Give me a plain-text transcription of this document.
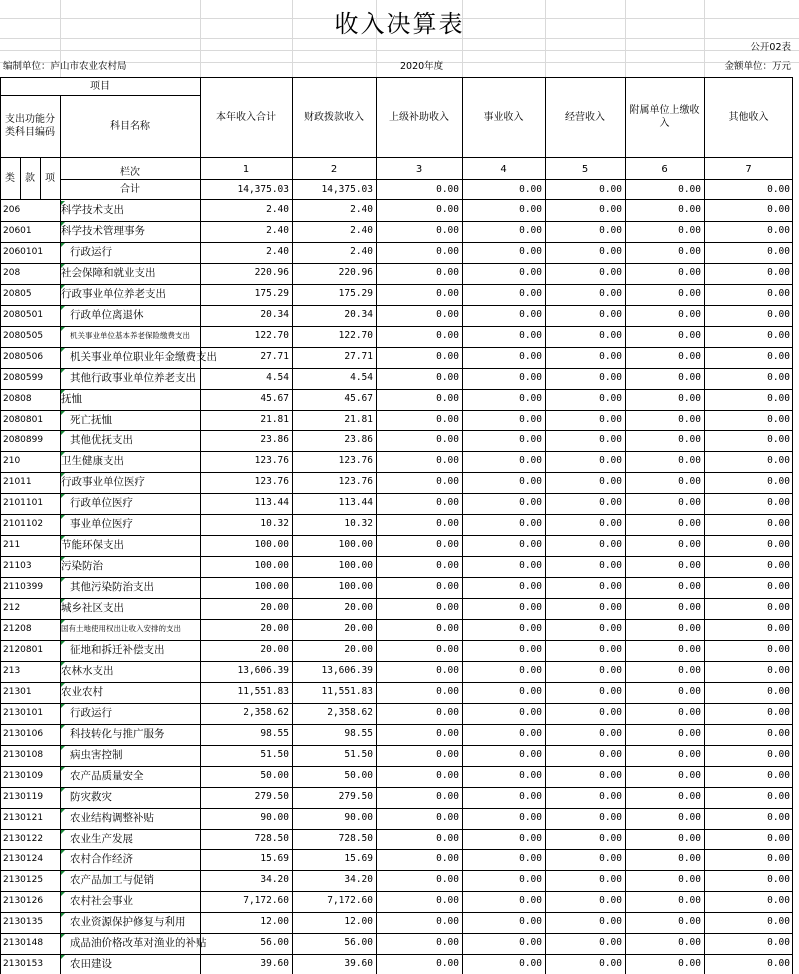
收入决算表
公开02表
编制单位：庐山市农业农村局	2020年度	金额单位：万元
项目
支出功能分类科目编码
科目名称
类	款	项
栏次
合计
本年收入合计	财政拨款收入	上级补助收入	事业收入	经营收入
附属单位上缴收入
其他收入
1	2	3	4	5	6	7
14,375.03	14,375.03	0.00	0.00	0.00	0.00	0.00
206	科学技术支出	2.40	2.40	0.00	0.00	0.00	0.00	0.00
20601	科学技术管理事务	2.40	2.40	0.00	0.00	0.00	0.00	0.00
2060101	行政运行	2.40	2.40	0.00	0.00	0.00	0.00	0.00
208	社会保障和就业支出	220.96	220.96	0.00	0.00	0.00	0.00	0.00
20805	行政事业单位养老支出	175.29	175.29	0.00	0.00	0.00	0.00	0.00
2080501	行政单位离退休	20.34	20.34	0.00	0.00	0.00	0.00	0.00
2080505	机关事业单位基本养老保险缴费支出	122.70	122.70	0.00	0.00	0.00	0.00	0.00
2080506	机关事业单位职业年金缴费支出	27.71	27.71	0.00	0.00	0.00	0.00	0.00
2080599	其他行政事业单位养老支出	4.54	4.54	0.00	0.00	0.00	0.00	0.00
20808	抚恤	45.67	45.67	0.00	0.00	0.00	0.00	0.00
2080801	死亡抚恤	21.81	21.81	0.00	0.00	0.00	0.00	0.00
2080899	其他优抚支出	23.86	23.86	0.00	0.00	0.00	0.00	0.00
210	卫生健康支出	123.76	123.76	0.00	0.00	0.00	0.00	0.00
21011	行政事业单位医疗	123.76	123.76	0.00	0.00	0.00	0.00	0.00
2101101	行政单位医疗	113.44	113.44	0.00	0.00	0.00	0.00	0.00
2101102	事业单位医疗	10.32	10.32	0.00	0.00	0.00	0.00	0.00
211	节能环保支出	100.00	100.00	0.00	0.00	0.00	0.00	0.00
21103	污染防治	100.00	100.00	0.00	0.00	0.00	0.00	0.00
2110399	其他污染防治支出	100.00	100.00	0.00	0.00	0.00	0.00	0.00
212	城乡社区支出	20.00	20.00	0.00	0.00	0.00	0.00	0.00
21208	国有土地使用权出让收入安排的支出	20.00	20.00	0.00	0.00	0.00	0.00	0.00
2120801	征地和拆迁补偿支出	20.00	20.00	0.00	0.00	0.00	0.00	0.00
213	农林水支出	13,606.39	13,606.39	0.00	0.00	0.00	0.00	0.00
21301	农业农村	11,551.83	11,551.83	0.00	0.00	0.00	0.00	0.00
2130101	行政运行	2,358.62	2,358.62	0.00	0.00	0.00	0.00	0.00
2130106	科技转化与推广服务	98.55	98.55	0.00	0.00	0.00	0.00	0.00
2130108	病虫害控制	51.50	51.50	0.00	0.00	0.00	0.00	0.00
2130109	农产品质量安全	50.00	50.00	0.00	0.00	0.00	0.00	0.00
2130119	防灾救灾	279.50	279.50	0.00	0.00	0.00	0.00	0.00
2130121	农业结构调整补贴	90.00	90.00	0.00	0.00	0.00	0.00	0.00
2130122	农业生产发展	728.50	728.50	0.00	0.00	0.00	0.00	0.00
2130124	农村合作经济	15.69	15.69	0.00	0.00	0.00	0.00	0.00
2130125	农产品加工与促销	34.20	34.20	0.00	0.00	0.00	0.00	0.00
2130126	农村社会事业	7,172.60	7,172.60	0.00	0.00	0.00	0.00	0.00
2130135	农业资源保护修复与利用	12.00	12.00	0.00	0.00	0.00	0.00	0.00
2130148	成品油价格改革对渔业的补贴	56.00	56.00	0.00	0.00	0.00	0.00	0.00
2130153	农田建设	39.60	39.60	0.00	0.00	0.00	0.00	0.00
